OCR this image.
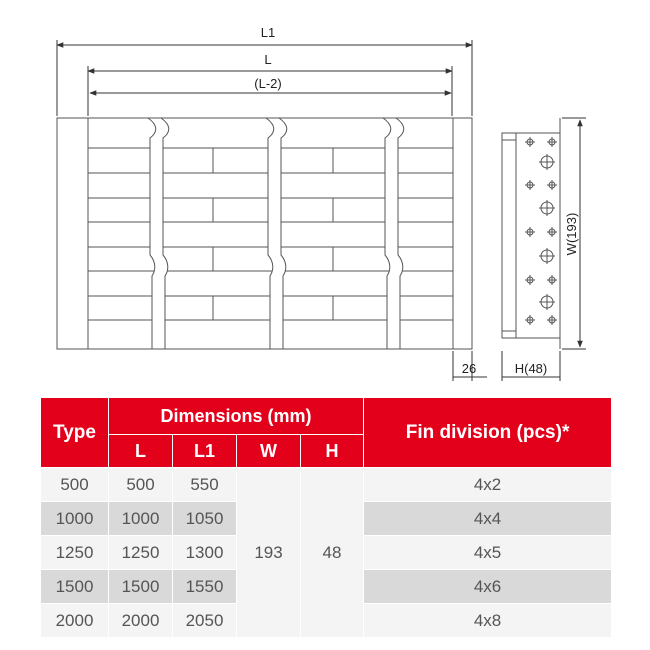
L1
L
(L-2)
26
W(193)
H(48)
Type	Dimensions (mm)				Fin division (pcs)*
	L	L1	W	H	
500	500	550	193	48	4x2
1000	1000	1050			4x4
1250	1250	1300			4x5
1500	1500	1550			4x6
2000	2000	2050			4x8
